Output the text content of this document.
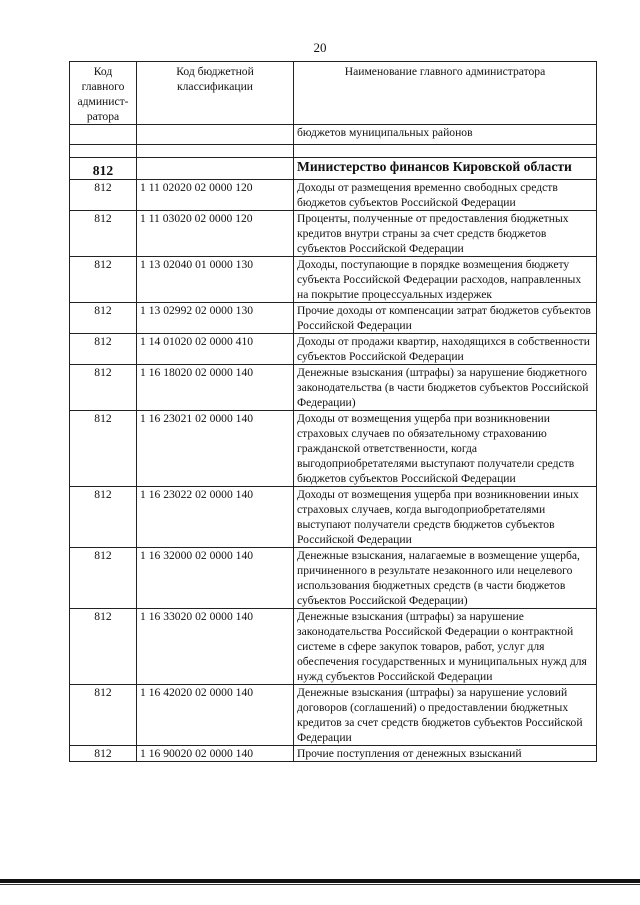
20
Код главного админист-ратора	Код бюджетной классификации	Наименование главного администратора
		бюджетов муниципальных районов

812		Министерство финансов Кировской области
812	1 11 02020 02 0000 120	Доходы от размещения временно свободных средств бюджетов субъектов Российской Федерации
812	1 11 03020 02 0000 120	Проценты, полученные от предоставления бюджетных кредитов внутри страны за счет средств бюджетов субъектов Российской Федерации
812	1 13 02040 01 0000 130	Доходы, поступающие в порядке возмещения бюджету субъекта Российской Федерации расходов, направленных на покрытие процессуальных издержек
812	1 13 02992 02 0000 130	Прочие доходы от компенсации затрат бюджетов субъектов Российской Федерации
812	1 14 01020 02 0000 410	Доходы от продажи квартир, находящихся в собственности субъектов Российской Федерации
812	1 16 18020 02 0000 140	Денежные взыскания (штрафы) за нарушение бюджетного законодательства (в части бюджетов субъектов Российской Федерации)
812	1 16 23021 02 0000 140	Доходы от возмещения ущерба при возникновении страховых случаев по обязательному страхованию гражданской ответственности, когда выгодоприобретателями выступают получатели средств бюджетов субъектов Российской Федерации
812	1 16 23022 02 0000 140	Доходы от возмещения ущерба при возникновении иных страховых случаев, когда выгодоприобретателями выступают получатели средств бюджетов субъектов Российской Федерации
812	1 16 32000 02 0000 140	Денежные взыскания, налагаемые в возмещение ущерба, причиненного в результате незаконного или нецелевого использования бюджетных средств (в части бюджетов субъектов Российской Федерации)
812	1 16 33020 02 0000 140	Денежные взыскания (штрафы) за нарушение законодательства Российской Федерации о контрактной системе в сфере закупок товаров, работ, услуг для обеспечения государственных и муниципальных нужд для нужд субъектов Российской Федерации
812	1 16 42020 02 0000 140	Денежные взыскания (штрафы) за нарушение условий договоров (соглашений) о предоставлении бюджетных кредитов за счет средств бюджетов субъектов Российской Федерации
812	1 16 90020 02 0000 140	Прочие поступления от денежных взысканий
